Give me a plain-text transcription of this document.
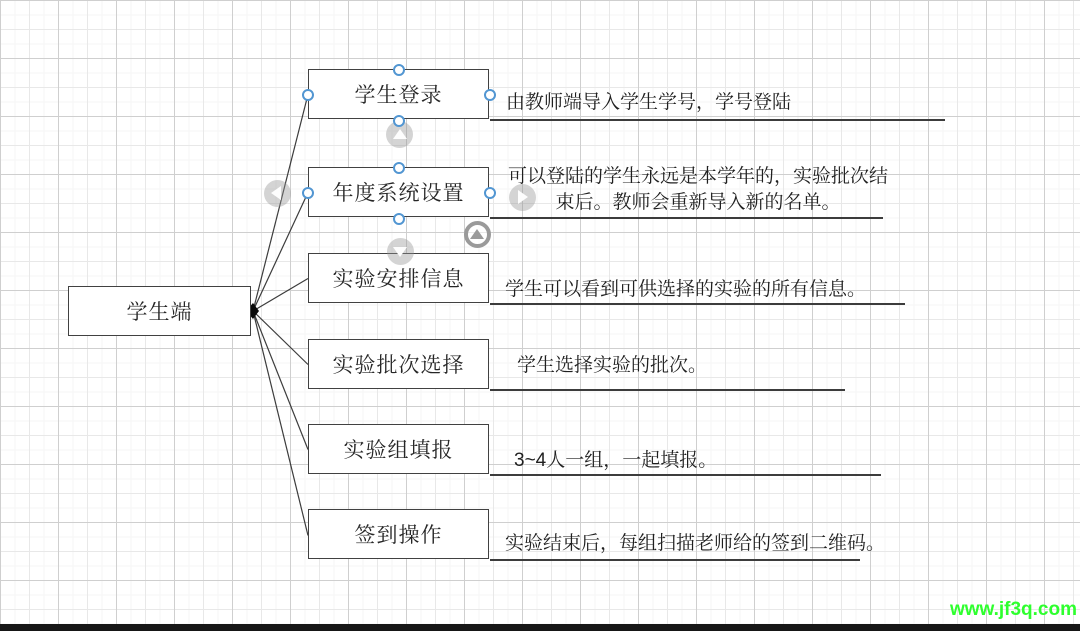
学生端
学生登录
年度系统设置
实验安排信息
实验批次选择
实验组填报
签到操作
由教师端导入学生学号，学号登陆
可以登陆的学生永远是本学年的，实验批次结束后。教师会重新导入新的名单。
学生可以看到可供选择的实验的所有信息。
学生选择实验的批次。
3~4人一组，一起填报。
实验结束后，每组扫描老师给的签到二维码。
www.jf3q.com
